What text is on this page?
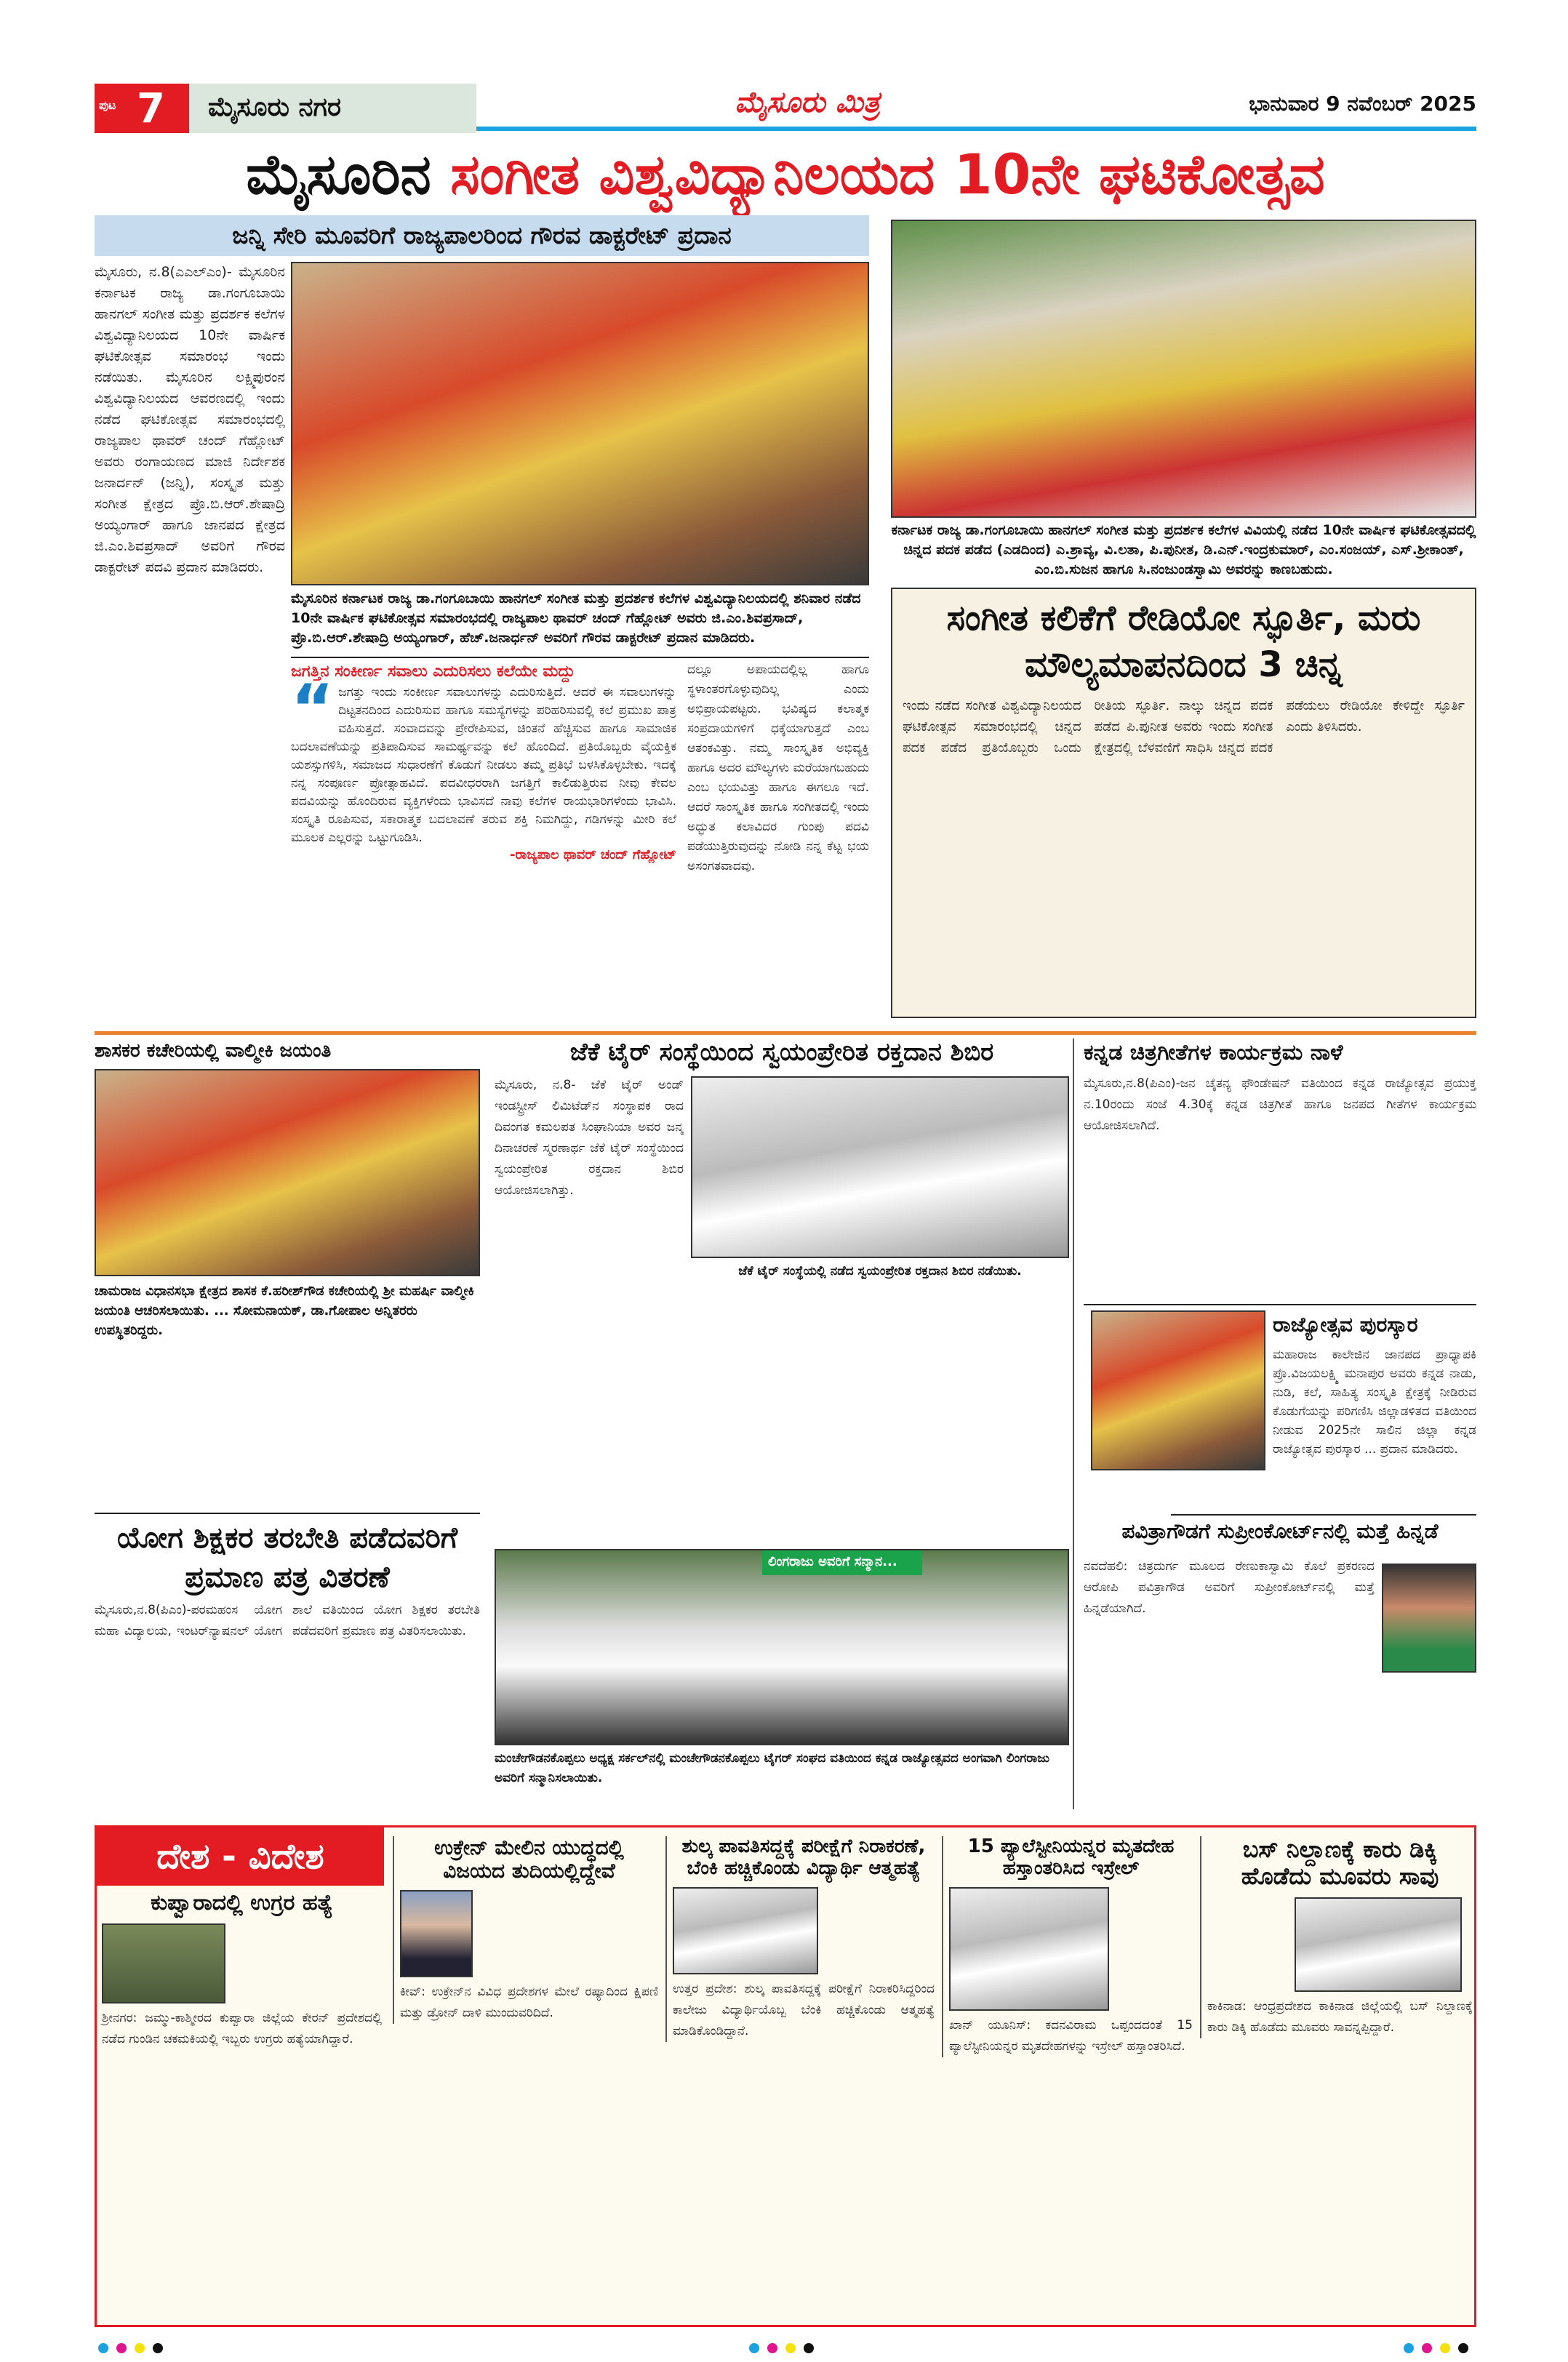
ಪುಟ 7	ಮೈಸೂರು ನಗರ	ಮೈಸೂರು ಮಿತ್ರ	ಭಾನುವಾರ 9 ನವೆಂಬರ್ 2025
ಮೈಸೂರಿನ ಸಂಗೀತ ವಿಶ್ವವಿದ್ಯಾನಿಲಯದ 10ನೇ ಘಟಿಕೋತ್ಸವ
ಜನ್ನಿ ಸೇರಿ ಮೂವರಿಗೆ ರಾಜ್ಯಪಾಲರಿಂದ ಗೌರವ ಡಾಕ್ಟರೇಟ್ ಪ್ರದಾನ
ಮೈಸೂರು, ನ.8(ಎಎಲ್‌ಎಂ)- ಮೈಸೂರಿನ ಕರ್ನಾಟಕ ರಾಜ್ಯ ಡಾ.ಗಂಗೂಬಾಯಿ ಹಾನಗಲ್ ಸಂಗೀತ ಮತ್ತು ಪ್ರದರ್ಶಕ ಕಲೆಗಳ ವಿಶ್ವವಿದ್ಯಾನಿಲಯದ 10ನೇ ವಾರ್ಷಿಕ ಘಟಿಕೋತ್ಸವ ಸಮಾರಂಭ ಇಂದು ನಡೆಯಿತು. ಮೈಸೂರಿನ ಲಕ್ಷ್ಮಿಪುರಂನ ವಿಶ್ವವಿದ್ಯಾನಿಲಯದ ಆವರಣದಲ್ಲಿ ಇಂದು ನಡೆದ ಘಟಿಕೋತ್ಸವ ಸಮಾರಂಭದಲ್ಲಿ ರಾಜ್ಯಪಾಲ ಥಾವರ್ ಚಂದ್ ಗೆಹ್ಲೋಟ್ ಅವರು ರಂಗಾಯಣದ ಮಾಜಿ ನಿರ್ದೇಶಕ ಜನಾರ್ದನ್ (ಜನ್ನಿ), ಸಂಸ್ಕೃತ ಮತ್ತು ಸಂಗೀತ ಕ್ಷೇತ್ರದ ಪ್ರೊ.ಬಿ.ಆರ್.ಶೇಷಾದ್ರಿ ಅಯ್ಯಂಗಾರ್ ಹಾಗೂ ಜಾನಪದ ಕ್ಷೇತ್ರದ ಜಿ.ಎಂ.ಶಿವಪ್ರಸಾದ್ ಅವರಿಗೆ ಗೌರವ ಡಾಕ್ಟರೇಟ್ ಪದವಿ ಪ್ರದಾನ ಮಾಡಿದರು.
ಮೈಸೂರಿನ ಕರ್ನಾಟಕ ರಾಜ್ಯ ಡಾ.ಗಂಗೂಬಾಯಿ ಹಾನಗಲ್ ಸಂಗೀತ ಮತ್ತು ಪ್ರದರ್ಶಕ ಕಲೆಗಳ ವಿಶ್ವವಿದ್ಯಾನಿಲಯದಲ್ಲಿ ಶನಿವಾರ ನಡೆದ 10ನೇ ವಾರ್ಷಿಕ ಘಟಿಕೋತ್ಸವ ಸಮಾರಂಭದಲ್ಲಿ ರಾಜ್ಯಪಾಲ ಥಾವರ್ ಚಂದ್ ಗೆಹ್ಲೋಟ್ ಅವರು ಜಿ.ಎಂ.ಶಿವಪ್ರಸಾದ್, ಪ್ರೊ.ಬಿ.ಆರ್.ಶೇಷಾದ್ರಿ ಅಯ್ಯಂಗಾರ್, ಹೆಚ್.ಜನಾರ್ಧನ್ ಅವರಿಗೆ ಗೌರವ ಡಾಕ್ಟರೇಟ್ ಪ್ರದಾನ ಮಾಡಿದರು.
ಕರ್ನಾಟಕ ರಾಜ್ಯ ಡಾ.ಗಂಗೂಬಾಯಿ ಹಾನಗಲ್ ಸಂಗೀತ ಮತ್ತು ಪ್ರದರ್ಶಕ ಕಲೆಗಳ ವಿವಿಯಲ್ಲಿ ನಡೆದ 10ನೇ ವಾರ್ಷಿಕ ಘಟಿಕೋತ್ಸವದಲ್ಲಿ ಚಿನ್ನದ ಪದಕ ಪಡೆದ (ಎಡದಿಂದ) ಎ.ಶ್ರಾವ್ಯ, ವಿ.ಲತಾ, ಪಿ.ಪುನೀತ, ಡಿ.ಎನ್.ಇಂದ್ರಕುಮಾರ್, ಎಂ.ಸಂಜಯ್, ಎಸ್.ಶ್ರೀಕಾಂತ್, ಎಂ.ಬಿ.ಸುಜನ ಹಾಗೂ ಸಿ.ನಂಜುಂಡಸ್ವಾಮಿ ಅವರನ್ನು ಕಾಣಬಹುದು.
ಜಗತ್ತಿನ ಸಂಕೀರ್ಣ ಸವಾಲು ಎದುರಿಸಲು ಕಲೆಯೇ ಮದ್ದು
“ ಜಗತ್ತು ಇಂದು ಸಂಕೀರ್ಣ ಸವಾಲುಗಳನ್ನು ಎದುರಿಸುತ್ತಿದೆ. ಆದರೆ ಈ ಸವಾಲುಗಳನ್ನು ದಿಟ್ಟತನದಿಂದ ಎದುರಿಸುವ ಹಾಗೂ ಸಮಸ್ಯೆಗಳನ್ನು ಪರಿಹರಿಸುವಲ್ಲಿ ಕಲೆ ಪ್ರಮುಖ ಪಾತ್ರ ವಹಿಸುತ್ತದೆ. ಸಂವಾದವನ್ನು ಪ್ರೇರೇಪಿಸುವ, ಚಿಂತನೆ ಹೆಚ್ಚಿಸುವ ಹಾಗೂ ಸಾಮಾಜಿಕ ಬದಲಾವಣೆಯನ್ನು ಪ್ರತಿಪಾದಿಸುವ ಸಾಮರ್ಥ್ಯವನ್ನು ಕಲೆ ಹೊಂದಿದೆ. ಪ್ರತಿಯೊಬ್ಬರು ವೈಯಕ್ತಿಕ ಯಶಸ್ಸುಗಳಿಸಿ, ಸಮಾಜದ ಸುಧಾರಣೆಗೆ ಕೊಡುಗೆ ನೀಡಲು ತಮ್ಮ ಪ್ರತಿಭೆ ಬಳಸಿಕೊಳ್ಳಬೇಕು. ಇದಕ್ಕೆ ನನ್ನ ಸಂಪೂರ್ಣ ಪ್ರೋತ್ಸಾಹವಿದೆ. ಪದವೀಧರರಾಗಿ ಜಗತ್ತಿಗೆ ಕಾಲಿಡುತ್ತಿರುವ ನೀವು ಕೇವಲ ಪದವಿಯನ್ನು ಹೊಂದಿರುವ ವ್ಯಕ್ತಿಗಳೆಂದು ಭಾವಿಸದೆ ನಾವು ಕಲೆಗಳ ರಾಯಭಾರಿಗಳೆಂದು ಭಾವಿಸಿ. ಸಂಸ್ಕೃತಿ ರೂಪಿಸುವ, ಸಕಾರಾತ್ಮಕ ಬದಲಾವಣೆ ತರುವ ಶಕ್ತಿ ನಿಮಗಿದ್ದು, ಗಡಿಗಳನ್ನು ಮೀರಿ ಕಲೆ ಮೂಲಕ ಎಲ್ಲರನ್ನು ಒಟ್ಟುಗೂಡಿಸಿ.
-ರಾಜ್ಯಪಾಲ ಥಾವರ್ ಚಂದ್ ಗೆಹ್ಲೋಟ್
ದಲ್ಲೂ ಅಪಾಯದಲ್ಲಿಲ್ಲ ಹಾಗೂ ಸ್ಥಳಾಂತರಗೊಳ್ಳುವುದಿಲ್ಲ ಎಂದು ಅಭಿಪ್ರಾಯಪಟ್ಟರು. ಭವಿಷ್ಯದ ಕಲಾತ್ಮಕ ಸಂಪ್ರದಾಯಗಳಿಗೆ ಧಕ್ಕೆಯಾಗುತ್ತದೆ ಎಂಬ ಆತಂಕವಿತ್ತು. ನಮ್ಮ ಸಾಂಸ್ಕೃತಿಕ ಅಭಿವ್ಯಕ್ತಿ ಹಾಗೂ ಅದರ ಮೌಲ್ಯಗಳು ಮರೆಯಾಗಬಹುದು ಎಂಬ ಭಯವಿತ್ತು ಹಾಗೂ ಈಗಲೂ ಇದೆ. ಆದರೆ ಸಾಂಸ್ಕೃತಿಕ ಹಾಗೂ ಸಂಗೀತದಲ್ಲಿ ಇಂದು ಅದ್ಭುತ ಕಲಾವಿದರ ಗುಂಪು ಪದವಿ ಪಡೆಯುತ್ತಿರುವುದನ್ನು ನೋಡಿ ನನ್ನ ಕೆಟ್ಟ ಭಯ ಅಸಂಗತವಾದವು.
ಸಂಗೀತ ಕಲಿಕೆಗೆ ರೇಡಿಯೋ ಸ್ಫೂರ್ತಿ, ಮರು ಮೌಲ್ಯಮಾಪನದಿಂದ 3 ಚಿನ್ನ
ಇಂದು ನಡೆದ ಸಂಗೀತ ವಿಶ್ವವಿದ್ಯಾನಿಲಯದ ಘಟಿಕೋತ್ಸವ ಸಮಾರಂಭದಲ್ಲಿ ಚಿನ್ನದ ಪದಕ ಪಡೆದ ಪ್ರತಿಯೊಬ್ಬರು ಒಂದು ರೀತಿಯ ಸ್ಫೂರ್ತಿ. ನಾಲ್ಕು ಚಿನ್ನದ ಪದಕ ಪಡೆದ ಪಿ.ಪುನೀತ ಅವರು ಇಂದು ಸಂಗೀತ ಕ್ಷೇತ್ರದಲ್ಲಿ ಬೆಳವಣಿಗೆ ಸಾಧಿಸಿ ಚಿನ್ನದ ಪದಕ ಪಡೆಯಲು ರೇಡಿಯೋ ಕೇಳಿದ್ದೇ ಸ್ಫೂರ್ತಿ ಎಂದು ತಿಳಿಸಿದರು.
ಶಾಸಕರ ಕಚೇರಿಯಲ್ಲಿ ವಾಲ್ಮೀಕಿ ಜಯಂತಿ
ಚಾಮರಾಜ ವಿಧಾನಸಭಾ ಕ್ಷೇತ್ರದ ಶಾಸಕ ಕೆ.ಹರೀಶ್‌ಗೌಡ ಕಚೇರಿಯಲ್ಲಿ ಶ್ರೀ ಮಹರ್ಷಿ ವಾಲ್ಮೀಕಿ ಜಯಂತಿ ಆಚರಿಸಲಾಯಿತು. ... ಸೋಮನಾಯಕ್, ಡಾ.ಗೋಪಾಲ ಅನ್ನಿತರರು ಉಪಸ್ಥಿತರಿದ್ದರು.
ಜೆಕೆ ಟೈರ್ ಸಂಸ್ಥೆಯಿಂದ ಸ್ವಯಂಪ್ರೇರಿತ ರಕ್ತದಾನ ಶಿಬಿರ
ಮೈಸೂರು, ನ.8- ಜೆಕೆ ಟೈರ್ ಅಂಡ್ ಇಂಡಸ್ಟ್ರೀಸ್ ಲಿಮಿಟೆಡ್‌ನ ಸಂಸ್ಥಾಪಕ ರಾದ ದಿವಂಗತ ಕಮಲಪತ ಸಿಂಘಾನಿಯಾ ಅವರ ಜನ್ಮ ದಿನಾಚರಣೆ ಸ್ಮರಣಾರ್ಥ ಜೆಕೆ ಟೈರ್ ಸಂಸ್ಥೆಯಿಂದ ಸ್ವಯಂಪ್ರೇರಿತ ರಕ್ತದಾನ ಶಿಬಿರ ಆಯೋಜಿಸಲಾಗಿತ್ತು.
ಜೆಕೆ ಟೈರ್ ಸಂಸ್ಥೆಯಲ್ಲಿ ನಡೆದ ಸ್ವಯಂಪ್ರೇರಿತ ರಕ್ತದಾನ ಶಿಬಿರ ನಡೆಯಿತು.
ಕನ್ನಡ ಚಿತ್ರಗೀತೆಗಳ ಕಾರ್ಯಕ್ರಮ ನಾಳೆ
ಮೈಸೂರು,ನ.8(ಪಿಎಂ)-ಜನ ಚೈತನ್ಯ ಫೌಂಡೇಷನ್ ವತಿಯಿಂದ ಕನ್ನಡ ರಾಜ್ಯೋತ್ಸವ ಪ್ರಯುಕ್ತ ನ.10ರಂದು ಸಂಜೆ 4.30ಕ್ಕೆ ಕನ್ನಡ ಚಿತ್ರಗೀತೆ ಹಾಗೂ ಜನಪದ ಗೀತೆಗಳ ಕಾರ್ಯಕ್ರಮ ಆಯೋಜಿಸಲಾಗಿದೆ.
ರಾಜ್ಯೋತ್ಸವ ಪುರಸ್ಕಾರ
ಮಹಾರಾಜ ಕಾಲೇಜಿನ ಜಾನಪದ ಪ್ರಾಧ್ಯಾಪಕಿ ಪ್ರೊ.ವಿಜಯಲಕ್ಷ್ಮಿ ಮನಾಪುರ ಅವರು ಕನ್ನಡ ನಾಡು, ನುಡಿ, ಕಲೆ, ಸಾಹಿತ್ಯ ಸಂಸ್ಕೃತಿ ಕ್ಷೇತ್ರಕ್ಕೆ ನೀಡಿರುವ ಕೊಡುಗೆಯನ್ನು ಪರಿಗಣಿಸಿ ಜಿಲ್ಲಾಡಳಿತದ ವತಿಯಿಂದ ನೀಡುವ 2025ನೇ ಸಾಲಿನ ಜಿಲ್ಲಾ ಕನ್ನಡ ರಾಜ್ಯೋತ್ಸವ ಪುರಸ್ಕಾರ ... ಪ್ರದಾನ ಮಾಡಿದರು.
ಪವಿತ್ರಾಗೌಡಗೆ ಸುಪ್ರೀಂಕೋರ್ಟ್‌ನಲ್ಲಿ ಮತ್ತೆ ಹಿನ್ನಡೆ
ನವದೆಹಲಿ: ಚಿತ್ರದುರ್ಗ ಮೂಲದ ರೇಣುಕಾಸ್ವಾಮಿ ಕೊಲೆ ಪ್ರಕರಣದ ಆರೋಪಿ ಪವಿತ್ರಾಗೌಡ ಅವರಿಗೆ ಸುಪ್ರೀಂಕೋರ್ಟ್‌ನಲ್ಲಿ ಮತ್ತೆ ಹಿನ್ನಡೆಯಾಗಿದೆ.
ಯೋಗ ಶಿಕ್ಷಕರ ತರಬೇತಿ ಪಡೆದವರಿಗೆ ಪ್ರಮಾಣ ಪತ್ರ ವಿತರಣೆ
ಮೈಸೂರು,ನ.8(ಪಿಎಂ)-ಪರಮಹಂಸ ಯೋಗ ಮಹಾ ವಿದ್ಯಾಲಯ, ಇಂಟರ್‌ನ್ಯಾಷನಲ್ ಯೋಗ ಶಾಲೆ ವತಿಯಿಂದ ಯೋಗ ಶಿಕ್ಷಕರ ತರಬೇತಿ ಪಡೆದವರಿಗೆ ಪ್ರಮಾಣ ಪತ್ರ ವಿತರಿಸಲಾಯಿತು.
ಲಿಂಗರಾಜು ಅವರಿಗೆ ಸನ್ಮಾನ...
ಮಂಚೇಗೌಡನಕೊಪ್ಪಲು ಅಧ್ಯಕ್ಷ ಸರ್ಕಲ್‌ನಲ್ಲಿ ಮಂಚೇಗೌಡನಕೊಪ್ಪಲು ಟೈಗರ್ ಸಂಘದ ವತಿಯಿಂದ ಕನ್ನಡ ರಾಜ್ಯೋತ್ಸವದ ಅಂಗವಾಗಿ ಲಿಂಗರಾಜು ಅವರಿಗೆ ಸನ್ಮಾನಿಸಲಾಯಿತು.
ದೇಶ - ವಿದೇಶ
ಕುಪ್ವಾರಾದಲ್ಲಿ ಉಗ್ರರ ಹತ್ಯೆ
ಶ್ರೀನಗರ: ಜಮ್ಮು-ಕಾಶ್ಮೀರದ ಕುಪ್ವಾರಾ ಜಿಲ್ಲೆಯ ಕೇರನ್ ಪ್ರದೇಶದಲ್ಲಿ ನಡೆದ ಗುಂಡಿನ ಚಕಮಕಿಯಲ್ಲಿ ಇಬ್ಬರು ಉಗ್ರರು ಹತ್ಯೆಯಾಗಿದ್ದಾರೆ.
ಉಕ್ರೇನ್ ಮೇಲಿನ ಯುದ್ಧದಲ್ಲಿ ವಿಜಯದ ತುದಿಯಲ್ಲಿದ್ದೇವೆ
ಕೀವ್: ಉಕ್ರೇನ್‌ನ ವಿವಿಧ ಪ್ರದೇಶಗಳ ಮೇಲೆ ರಷ್ಯಾದಿಂದ ಕ್ಷಿಪಣಿ ಮತ್ತು ಡ್ರೋನ್ ದಾಳಿ ಮುಂದುವರಿದಿದೆ.
ಶುಲ್ಕ ಪಾವತಿಸದ್ದಕ್ಕೆ ಪರೀಕ್ಷೆಗೆ ನಿರಾಕರಣೆ, ಬೆಂಕಿ ಹಚ್ಚಿಕೊಂಡು ವಿದ್ಯಾರ್ಥಿ ಆತ್ಮಹತ್ಯೆ
ಉತ್ತರ ಪ್ರದೇಶ: ಶುಲ್ಕ ಪಾವತಿಸದ್ದಕ್ಕೆ ಪರೀಕ್ಷೆಗೆ ನಿರಾಕರಿಸಿದ್ದರಿಂದ ಕಾಲೇಜು ವಿದ್ಯಾರ್ಥಿಯೊಬ್ಬ ಬೆಂಕಿ ಹಚ್ಚಿಕೊಂಡು ಆತ್ಮಹತ್ಯೆ ಮಾಡಿಕೊಂಡಿದ್ದಾನೆ.
15 ಪ್ಯಾಲೆಸ್ಟೀನಿಯನ್ನರ ಮೃತದೇಹ ಹಸ್ತಾಂತರಿಸಿದ ಇಸ್ರೇಲ್
ಖಾನ್ ಯೂನಿಸ್: ಕದನವಿರಾಮ ಒಪ್ಪಂದದಂತೆ 15 ಪ್ಯಾಲೆಸ್ಟೀನಿಯನ್ನರ ಮೃತದೇಹಗಳನ್ನು ಇಸ್ರೇಲ್ ಹಸ್ತಾಂತರಿಸಿದೆ.
ಬಸ್ ನಿಲ್ದಾಣಕ್ಕೆ ಕಾರು ಡಿಕ್ಕಿ ಹೊಡೆದು ಮೂವರು ಸಾವು
ಕಾಕಿನಾಡ: ಆಂಧ್ರಪ್ರದೇಶದ ಕಾಕಿನಾಡ ಜಿಲ್ಲೆಯಲ್ಲಿ ಬಸ್ ನಿಲ್ದಾಣಕ್ಕೆ ಕಾರು ಡಿಕ್ಕಿ ಹೊಡೆದು ಮೂವರು ಸಾವನ್ನಪ್ಪಿದ್ದಾರೆ.
